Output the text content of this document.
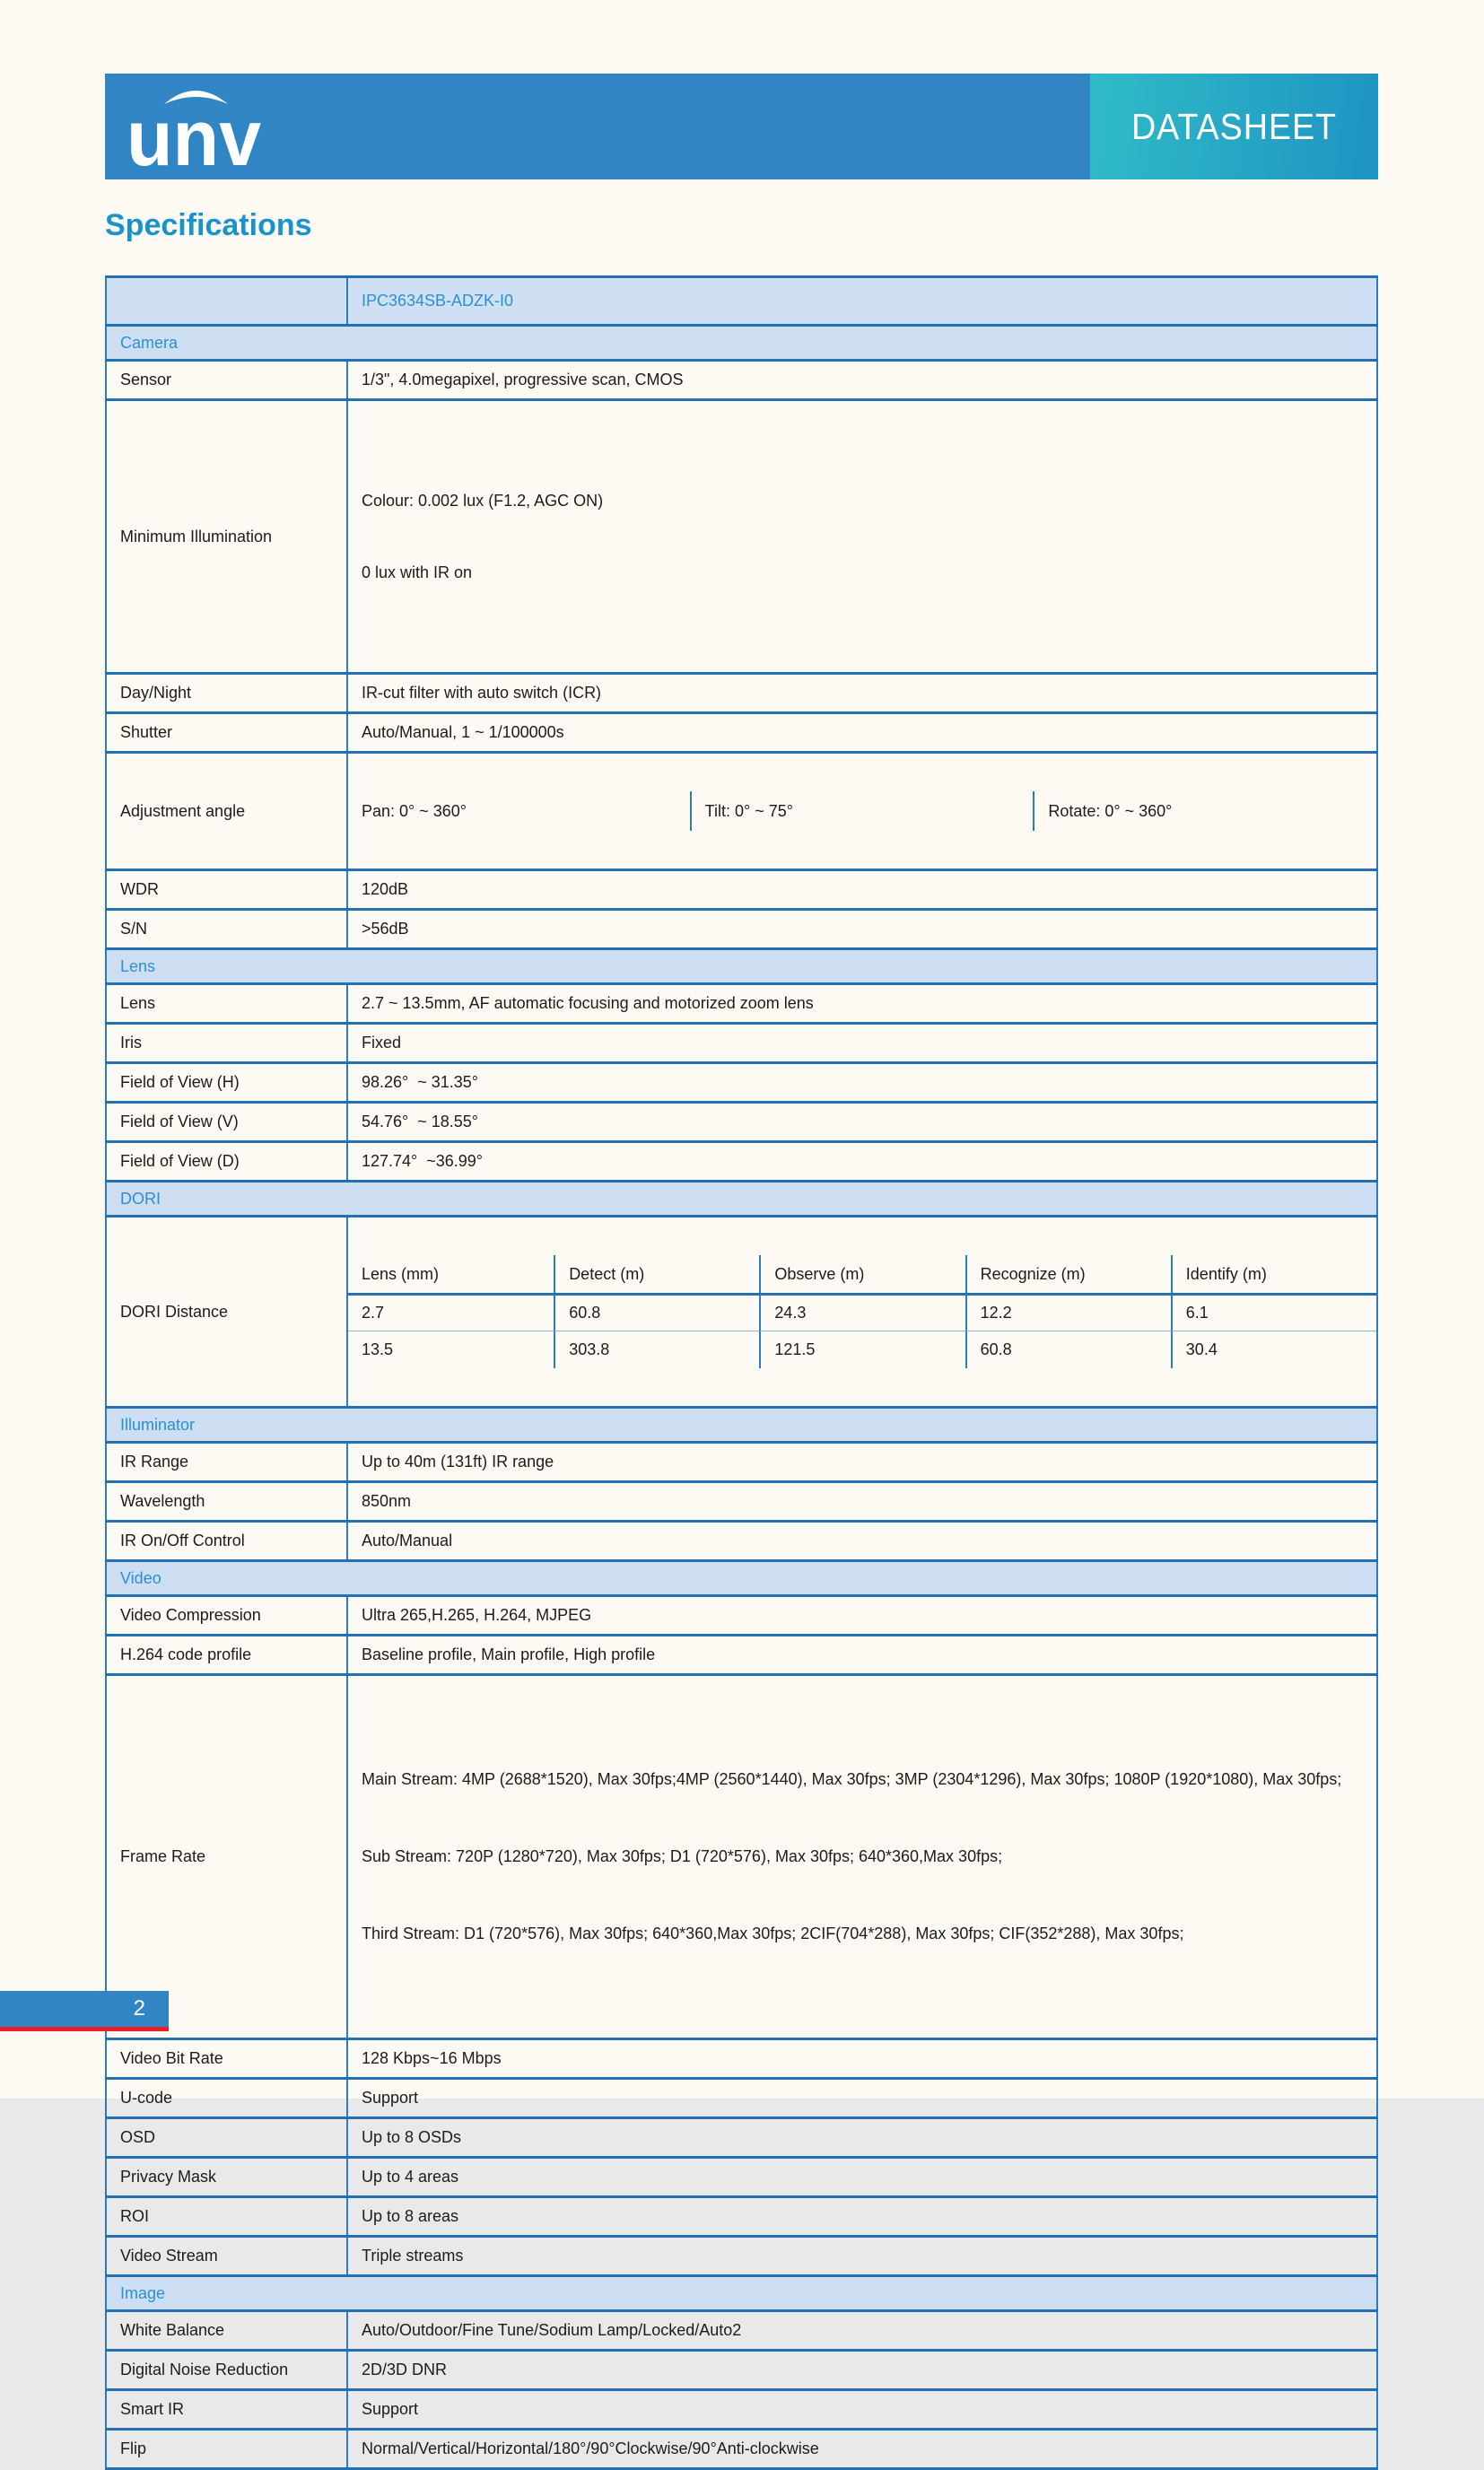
unv	DATASHEET
Specifications
	IPC3634SB-ADZK-I0
Camera	
Sensor	1/3", 4.0megapixel, progressive scan, CMOS
Minimum Illumination	Colour: 0.002 lux (F1.2, AGC ON)

0 lux with IR on

Day/Night	IR-cut filter with auto switch (ICR)
Shutter	Auto/Manual, 1 ~ 1/100000s
Adjustment angle	Pan: 0° ~ 360° Tilt: 0° ~ 75° Rotate: 0° ~ 360°

WDR	120dB
S/N	>56dB
Lens	
Lens	2.7 ~ 13.5mm, AF automatic focusing and motorized zoom lens
Iris	Fixed
Field of View (H)	98.26°  ~ 31.35°
Field of View (V)	54.76°  ~ 18.55°
Field of View (D)	127.74°  ~36.99°
DORI	
DORI Distance	

Lens (mm)	Detect (m)	Observe (m)	Recognize (m)	Identify (m)
2.7	60.8	24.3	12.2	6.1
13.5	303.8	121.5	60.8	30.4

Illuminator	
IR Range	Up to 40m (131ft) IR range
Wavelength	850nm
IR On/Off Control	Auto/Manual
Video	
Video Compression	Ultra 265,H.265, H.264, MJPEG
H.264 code profile	Baseline profile, Main profile, High profile
Frame Rate	Main Stream: 4MP (2688*1520), Max 30fps;4MP (2560*1440), Max 30fps; 3MP (2304*1296), Max 30fps; 1080P (1920*1080), Max 30fps;

Sub Stream: 720P (1280*720), Max 30fps; D1 (720*576), Max 30fps; 640*360,Max 30fps;

Third Stream: D1 (720*576), Max 30fps; 640*360,Max 30fps; 2CIF(704*288), Max 30fps; CIF(352*288), Max 30fps;

Video Bit Rate	128 Kbps~16 Mbps
U-code	Support
OSD	Up to 8 OSDs
Privacy Mask	Up to 4 areas
ROI	Up to 8 areas
Video Stream	Triple streams
Image	
White Balance	Auto/Outdoor/Fine Tune/Sodium Lamp/Locked/Auto2
Digital Noise Reduction	2D/3D DNR
Smart IR	Support
Flip	Normal/Vertical/Horizontal/180°/90°Clockwise/90°Anti-clockwise
2
